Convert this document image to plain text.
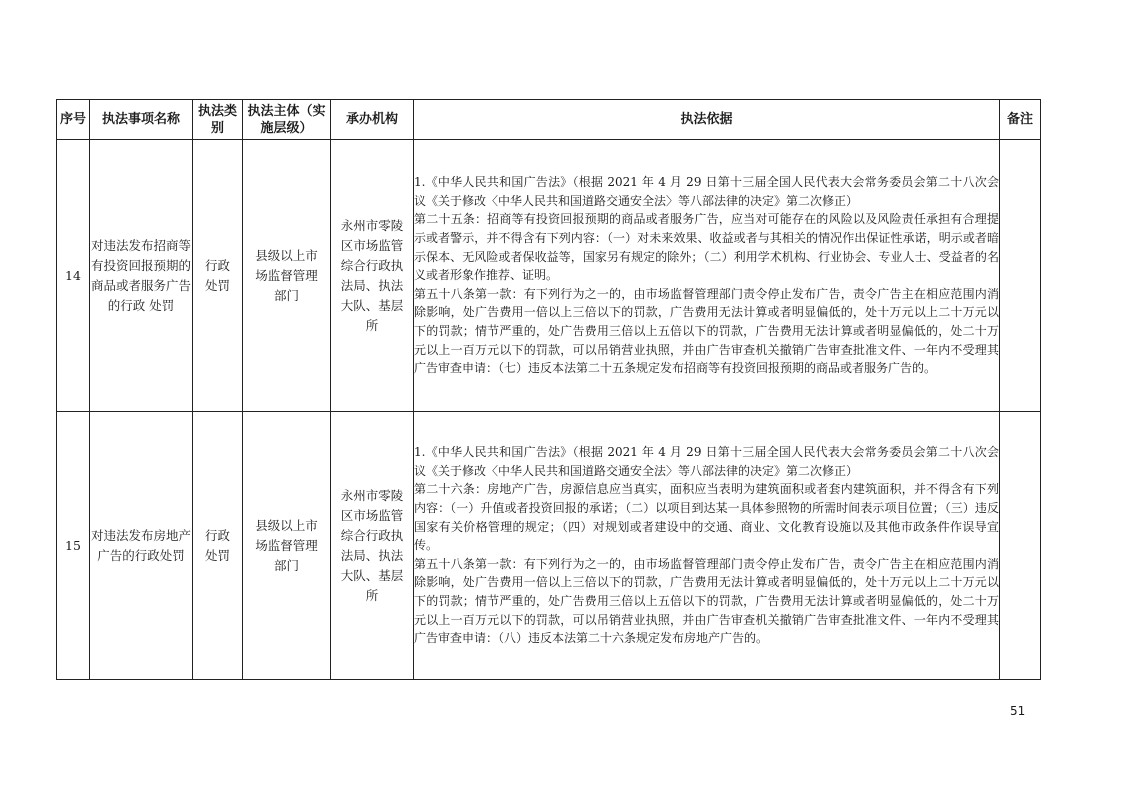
序号	执法事项名称	执法类别	执法主体（实施层级）	承办机构	执法依据	备注
14	对违法发布招商等有投资回报预期的商品或者服务广告的行政 处罚	行政处罚	县级以上市场监督管理部门	永州市零陵区市场监管综合行政执法局、执法大队、基层所	1.《中华人民共和国广告法》（根据 2021 年 4 月 29 日第十三届全国人民代表大会常务委员会第二十八次会议《关于修改〈中华人民共和国道路交通安全法〉等八部法律的决定》第二次修正）

第二十五条：招商等有投资回报预期的商品或者服务广告，应当对可能存在的风险以及风险责任承担有合理提示或者警示，并不得含有下列内容：（一）对未来效果、收益或者与其相关的情况作出保证性承诺，明示或者暗示保本、无风险或者保收益等，国家另有规定的除外；（二）利用学术机构、行业协会、专业人士、受益者的名义或者形象作推荐、证明。

第五十八条第一款：有下列行为之一的，由市场监督管理部门责令停止发布广告，责令广告主在相应范围内消除影响，处广告费用一倍以上三倍以下的罚款，广告费用无法计算或者明显偏低的，处十万元以上二十万元以下的罚款；情节严重的，处广告费用三倍以上五倍以下的罚款，广告费用无法计算或者明显偏低的，处二十万元以上一百万元以下的罚款，可以吊销营业执照，并由广告审查机关撤销广告审查批准文件、一年内不受理其广告审查申请：（七）违反本法第二十五条规定发布招商等有投资回报预期的商品或者服务广告的。	

15	对违法发布房地产广告的行政处罚	行政处罚	县级以上市场监督管理部门	永州市零陵区市场监管综合行政执法局、执法大队、基层所	1.《中华人民共和国广告法》（根据 2021 年 4 月 29 日第十三届全国人民代表大会常务委员会第二十八次会议《关于修改〈中华人民共和国道路交通安全法〉等八部法律的决定》第二次修正）

第二十六条：房地产广告，房源信息应当真实，面积应当表明为建筑面积或者套内建筑面积，并不得含有下列内容：（一）升值或者投资回报的承诺；（二）以项目到达某一具体参照物的所需时间表示项目位置；（三）违反国家有关价格管理的规定；（四）对规划或者建设中的交通、商业、文化教育设施以及其他市政条件作误导宣传。

第五十八条第一款：有下列行为之一的，由市场监督管理部门责令停止发布广告，责令广告主在相应范围内消除影响，处广告费用一倍以上三倍以下的罚款，广告费用无法计算或者明显偏低的，处十万元以上二十万元以下的罚款；情节严重的，处广告费用三倍以上五倍以下的罚款，广告费用无法计算或者明显偏低的，处二十万元以上一百万元以下的罚款，可以吊销营业执照，并由广告审查机关撤销广告审查批准文件、一年内不受理其广告审查申请：（八）违反本法第二十六条规定发布房地产广告的。	

51
